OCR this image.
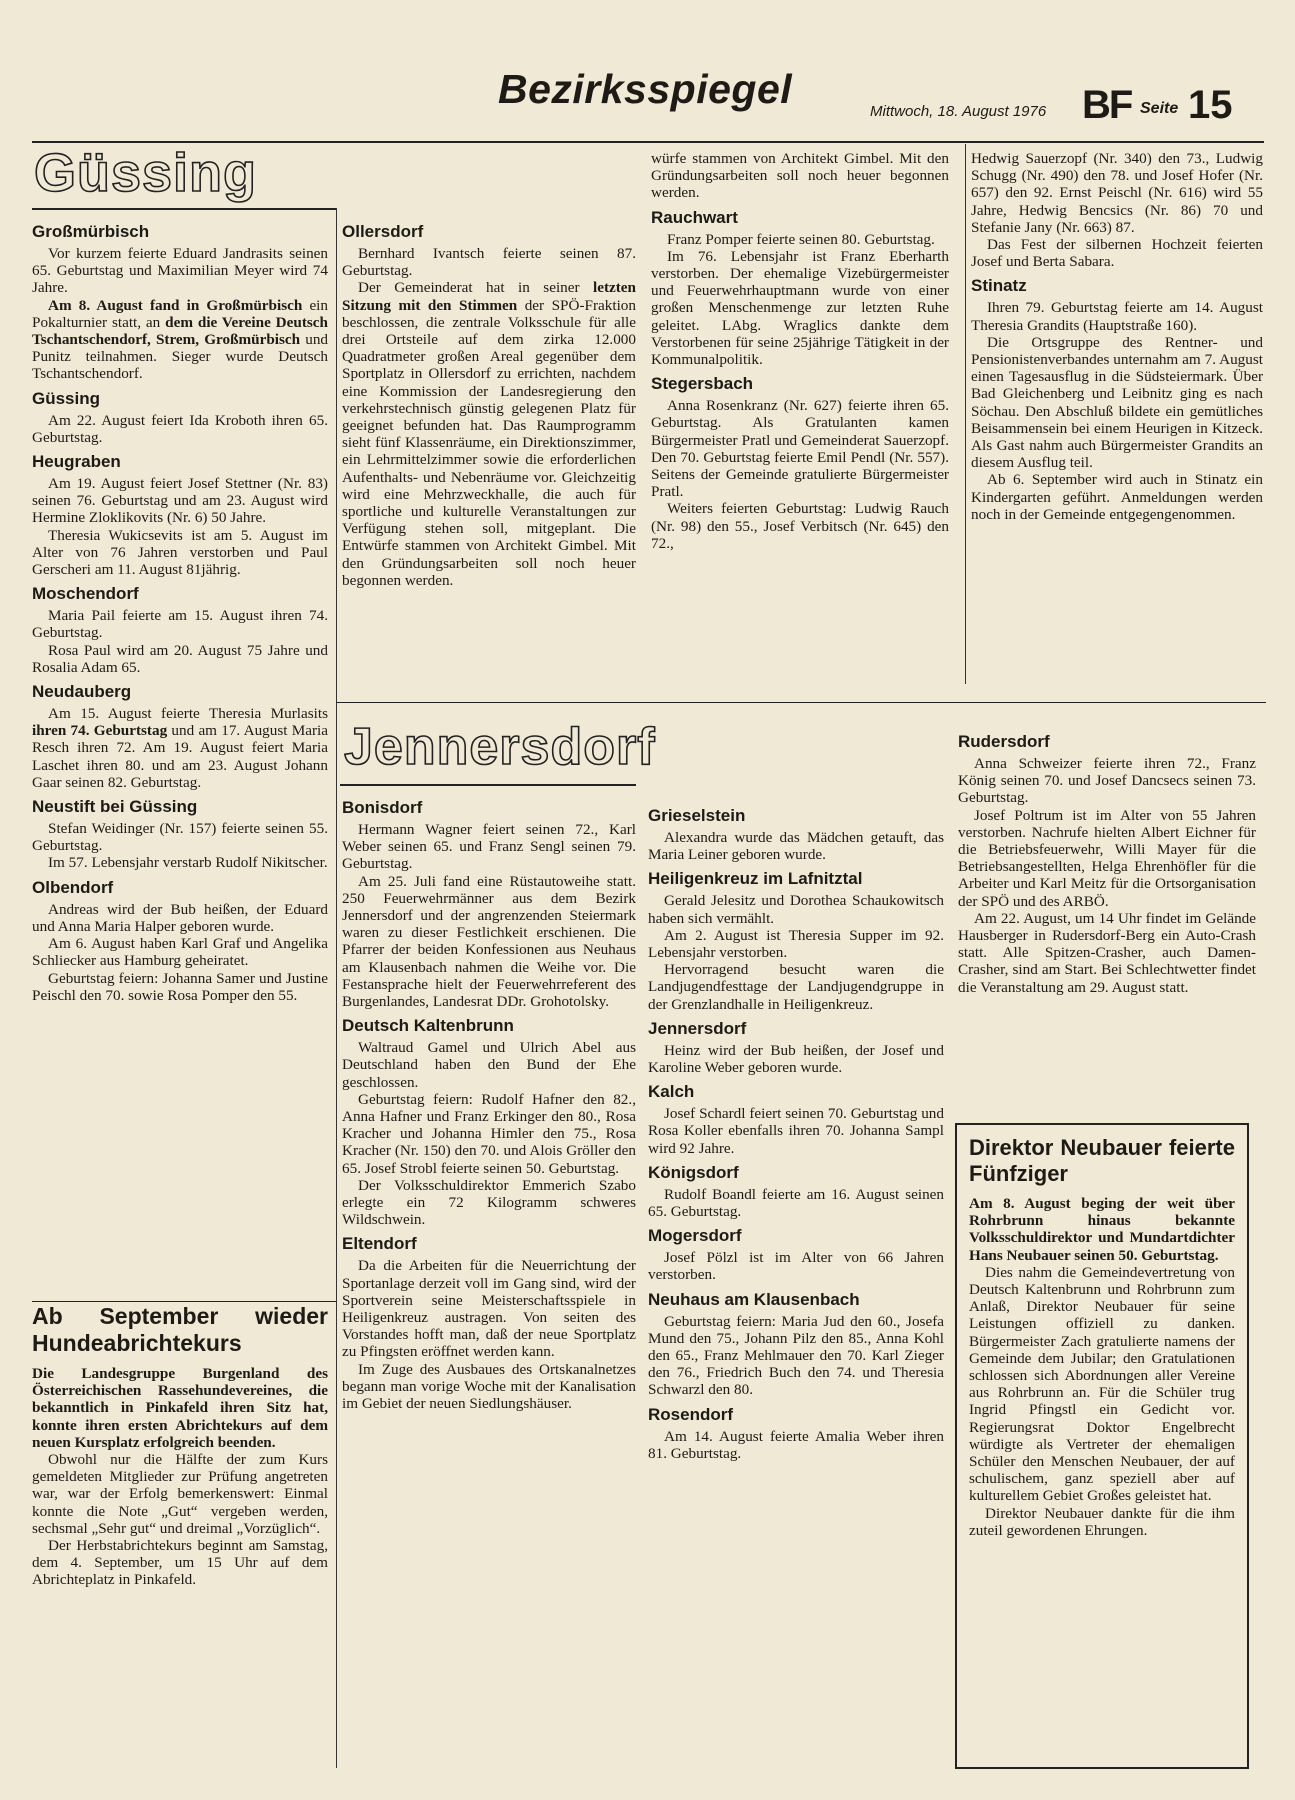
Bezirksspiegel	Mittwoch, 18. August 1976 BF Seite 15
Güssing
Großmürbisch

Vor kurzem feierte Eduard Jandrasits seinen 65. Geburtstag und Maximilian Meyer wird 74 Jahre.

Am 8. August fand in Großmürbisch ein Pokalturnier statt, an dem die Vereine Deutsch Tschantschendorf, Strem, Großmürbisch und Punitz teilnahmen. Sieger wurde Deutsch Tschantschendorf.

Güssing

Am 22. August feiert Ida Kroboth ihren 65. Geburtstag.

Heugraben

Am 19. August feiert Josef Stettner (Nr. 83) seinen 76. Geburtstag und am 23. August wird Hermine Zloklikovits (Nr. 6) 50 Jahre.

Theresia Wukicsevits ist am 5. August im Alter von 76 Jahren verstorben und Paul Gerscheri am 11. August 81jährig.

Moschendorf

Maria Pail feierte am 15. August ihren 74. Geburtstag.

Rosa Paul wird am 20. August 75 Jahre und Rosalia Adam 65.

Neudauberg

Am 15. August feierte Theresia Murlasits ihren 74. Geburtstag und am 17. August Maria Resch ihren 72. Am 19. August feiert Maria Laschet ihren 80. und am 23. August Johann Gaar seinen 82. Geburtstag.

Neustift bei Güssing

Stefan Weidinger (Nr. 157) feierte seinen 55. Geburtstag.

Im 57. Lebensjahr verstarb Rudolf Nikitscher.

Olbendorf

Andreas wird der Bub heißen, der Eduard und Anna Maria Halper geboren wurde.

Am 6. August haben Karl Graf und Angelika Schliecker aus Hamburg geheiratet.

Geburtstag feiern: Johanna Samer und Justine Peischl den 70. sowie Rosa Pomper den 55.

Ab September wieder Hundeabrichtekurs

Die Landesgruppe Burgenland des Österreichischen Rassehundevereines, die bekanntlich in Pinkafeld ihren Sitz hat, konnte ihren ersten Abrichtekurs auf dem neuen Kursplatz erfolgreich beenden.

Obwohl nur die Hälfte der zum Kurs gemeldeten Mitglieder zur Prüfung angetreten war, war der Erfolg bemerkenswert: Einmal konnte die Note „Gut“ vergeben werden, sechsmal „Sehr gut“ und dreimal „Vorzüglich“.

Der Herbstabrichtekurs beginnt am Samstag, dem 4. September, um 15 Uhr auf dem Abrichteplatz in Pinkafeld.

Ollersdorf

Bernhard Ivantsch feierte seinen 87. Geburtstag.

Der Gemeinderat hat in seiner letzten Sitzung mit den Stimmen der SPÖ-Fraktion beschlossen, die zentrale Volksschule für alle drei Ortsteile auf dem zirka 12.000 Quadratmeter großen Areal gegenüber dem Sportplatz in Ollersdorf zu errichten, nachdem eine Kommission der Landesregierung den verkehrstechnisch günstig gelegenen Platz für geeignet befunden hat. Das Raumprogramm sieht fünf Klassenräume, ein Direktionszimmer, ein Lehrmittelzimmer sowie die erforderlichen Aufenthalts- und Nebenräume vor. Gleichzeitig wird eine Mehrzweckhalle, die auch für sportliche und kulturelle Veranstaltungen zur Verfügung stehen soll, mitgeplant. Die Entwürfe stammen von Architekt Gimbel. Mit den Gründungsarbeiten soll noch heuer begonnen werden.

würfe stammen von Architekt Gimbel. Mit den Gründungsarbeiten soll noch heuer begonnen werden.

Rauchwart

Franz Pomper feierte seinen 80. Geburtstag.

Im 76. Lebensjahr ist Franz Eberharth verstorben. Der ehemalige Vizebürgermeister und Feuerwehrhauptmann wurde von einer großen Menschenmenge zur letzten Ruhe geleitet. LAbg. Wraglics dankte dem Verstorbenen für seine 25jährige Tätigkeit in der Kommunalpolitik.

Stegersbach

Anna Rosenkranz (Nr. 627) feierte ihren 65. Geburtstag. Als Gratulanten kamen Bürgermeister Pratl und Gemeinderat Sauerzopf. Den 70. Geburtstag feierte Emil Pendl (Nr. 557). Seitens der Gemeinde gratulierte Bürgermeister Pratl.

Weiters feierten Geburtstag: Ludwig Rauch (Nr. 98) den 55., Josef Verbitsch (Nr. 645) den 72.,

Hedwig Sauerzopf (Nr. 340) den 73., Ludwig Schugg (Nr. 490) den 78. und Josef Hofer (Nr. 657) den 92. Ernst Peischl (Nr. 616) wird 55 Jahre, Hedwig Bencsics (Nr. 86) 70 und Stefanie Jany (Nr. 663) 87.

Das Fest der silbernen Hochzeit feierten Josef und Berta Sabara.

Stinatz

Ihren 79. Geburtstag feierte am 14. August Theresia Grandits (Hauptstraße 160).

Die Ortsgruppe des Rentner- und Pensionistenverbandes unternahm am 7. August einen Tagesausflug in die Südsteiermark. Über Bad Gleichenberg und Leibnitz ging es nach Söchau. Den Abschluß bildete ein gemütliches Beisammensein bei einem Heurigen in Kitzeck. Als Gast nahm auch Bürgermeister Grandits an diesem Ausflug teil.

Ab 6. September wird auch in Stinatz ein Kindergarten geführt. Anmeldungen werden noch in der Gemeinde entgegengenommen.

Jennersdorf
Bonisdorf

Hermann Wagner feiert seinen 72., Karl Weber seinen 65. und Franz Sengl seinen 79. Geburtstag.

Am 25. Juli fand eine Rüstautoweihe statt. 250 Feuerwehrmänner aus dem Bezirk Jennersdorf und der angrenzenden Steiermark waren zu dieser Festlichkeit erschienen. Die Pfarrer der beiden Konfessionen aus Neuhaus am Klausenbach nahmen die Weihe vor. Die Festansprache hielt der Feuerwehrreferent des Burgenlandes, Landesrat DDr. Grohotolsky.

Deutsch Kaltenbrunn

Waltraud Gamel und Ulrich Abel aus Deutschland haben den Bund der Ehe geschlossen.

Geburtstag feiern: Rudolf Hafner den 82., Anna Hafner und Franz Erkinger den 80., Rosa Kracher und Johanna Himler den 75., Rosa Kracher (Nr. 150) den 70. und Alois Gröller den 65. Josef Strobl feierte seinen 50. Geburtstag.

Der Volksschuldirektor Emmerich Szabo erlegte ein 72 Kilogramm schweres Wildschwein.

Eltendorf

Da die Arbeiten für die Neuerrichtung der Sportanlage derzeit voll im Gang sind, wird der Sportverein seine Meisterschaftsspiele in Heiligenkreuz austragen. Von seiten des Vorstandes hofft man, daß der neue Sportplatz zu Pfingsten eröffnet werden kann.

Im Zuge des Ausbaues des Ortskanalnetzes begann man vorige Woche mit der Kanalisation im Gebiet der neuen Siedlungshäuser.

Grieselstein

Alexandra wurde das Mädchen getauft, das Maria Leiner geboren wurde.

Heiligenkreuz im Lafnitztal

Gerald Jelesitz und Dorothea Schaukowitsch haben sich vermählt.

Am 2. August ist Theresia Supper im 92. Lebensjahr verstorben.

Hervorragend besucht waren die Landjugendfesttage der Landjugendgruppe in der Grenzlandhalle in Heiligenkreuz.

Jennersdorf

Heinz wird der Bub heißen, der Josef und Karoline Weber geboren wurde.

Kalch

Josef Schardl feiert seinen 70. Geburtstag und Rosa Koller ebenfalls ihren 70. Johanna Sampl wird 92 Jahre.

Königsdorf

Rudolf Boandl feierte am 16. August seinen 65. Geburtstag.

Mogersdorf

Josef Pölzl ist im Alter von 66 Jahren verstorben.

Neuhaus am Klausenbach

Geburtstag feiern: Maria Jud den 60., Josefa Mund den 75., Johann Pilz den 85., Anna Kohl den 65., Franz Mehlmauer den 70. Karl Zieger den 76., Friedrich Buch den 74. und Theresia Schwarzl den 80.

Rosendorf

Am 14. August feierte Amalia Weber ihren 81. Geburtstag.

Rudersdorf

Anna Schweizer feierte ihren 72., Franz König seinen 70. und Josef Dancsecs seinen 73. Geburtstag.

Josef Poltrum ist im Alter von 55 Jahren verstorben. Nachrufe hielten Albert Eichner für die Betriebsfeuerwehr, Willi Mayer für die Betriebsangestellten, Helga Ehrenhöfler für die Arbeiter und Karl Meitz für die Ortsorganisation der SPÖ und des ARBÖ.

Am 22. August, um 14 Uhr findet im Gelände Hausberger in Rudersdorf-Berg ein Auto-Crash statt. Alle Spitzen-Crasher, auch Damen-Crasher, sind am Start. Bei Schlechtwetter findet die Veranstaltung am 29. August statt.

Direktor Neubauer feierte Fünfziger

Am 8. August beging der weit über Rohrbrunn hinaus bekannte Volksschuldirektor und Mundartdichter Hans Neubauer seinen 50. Geburtstag.

Dies nahm die Gemeindevertretung von Deutsch Kaltenbrunn und Rohrbrunn zum Anlaß, Direktor Neubauer für seine Leistungen offiziell zu danken. Bürgermeister Zach gratulierte namens der Gemeinde dem Jubilar; den Gratulationen schlossen sich Abordnungen aller Vereine aus Rohrbrunn an. Für die Schüler trug Ingrid Pfingstl ein Gedicht vor. Regierungsrat Doktor Engelbrecht würdigte als Vertreter der ehemaligen Schüler den Menschen Neubauer, der auf schulischem, ganz speziell aber auf kulturellem Gebiet Großes geleistet hat.

Direktor Neubauer dankte für die ihm zuteil gewordenen Ehrungen.
